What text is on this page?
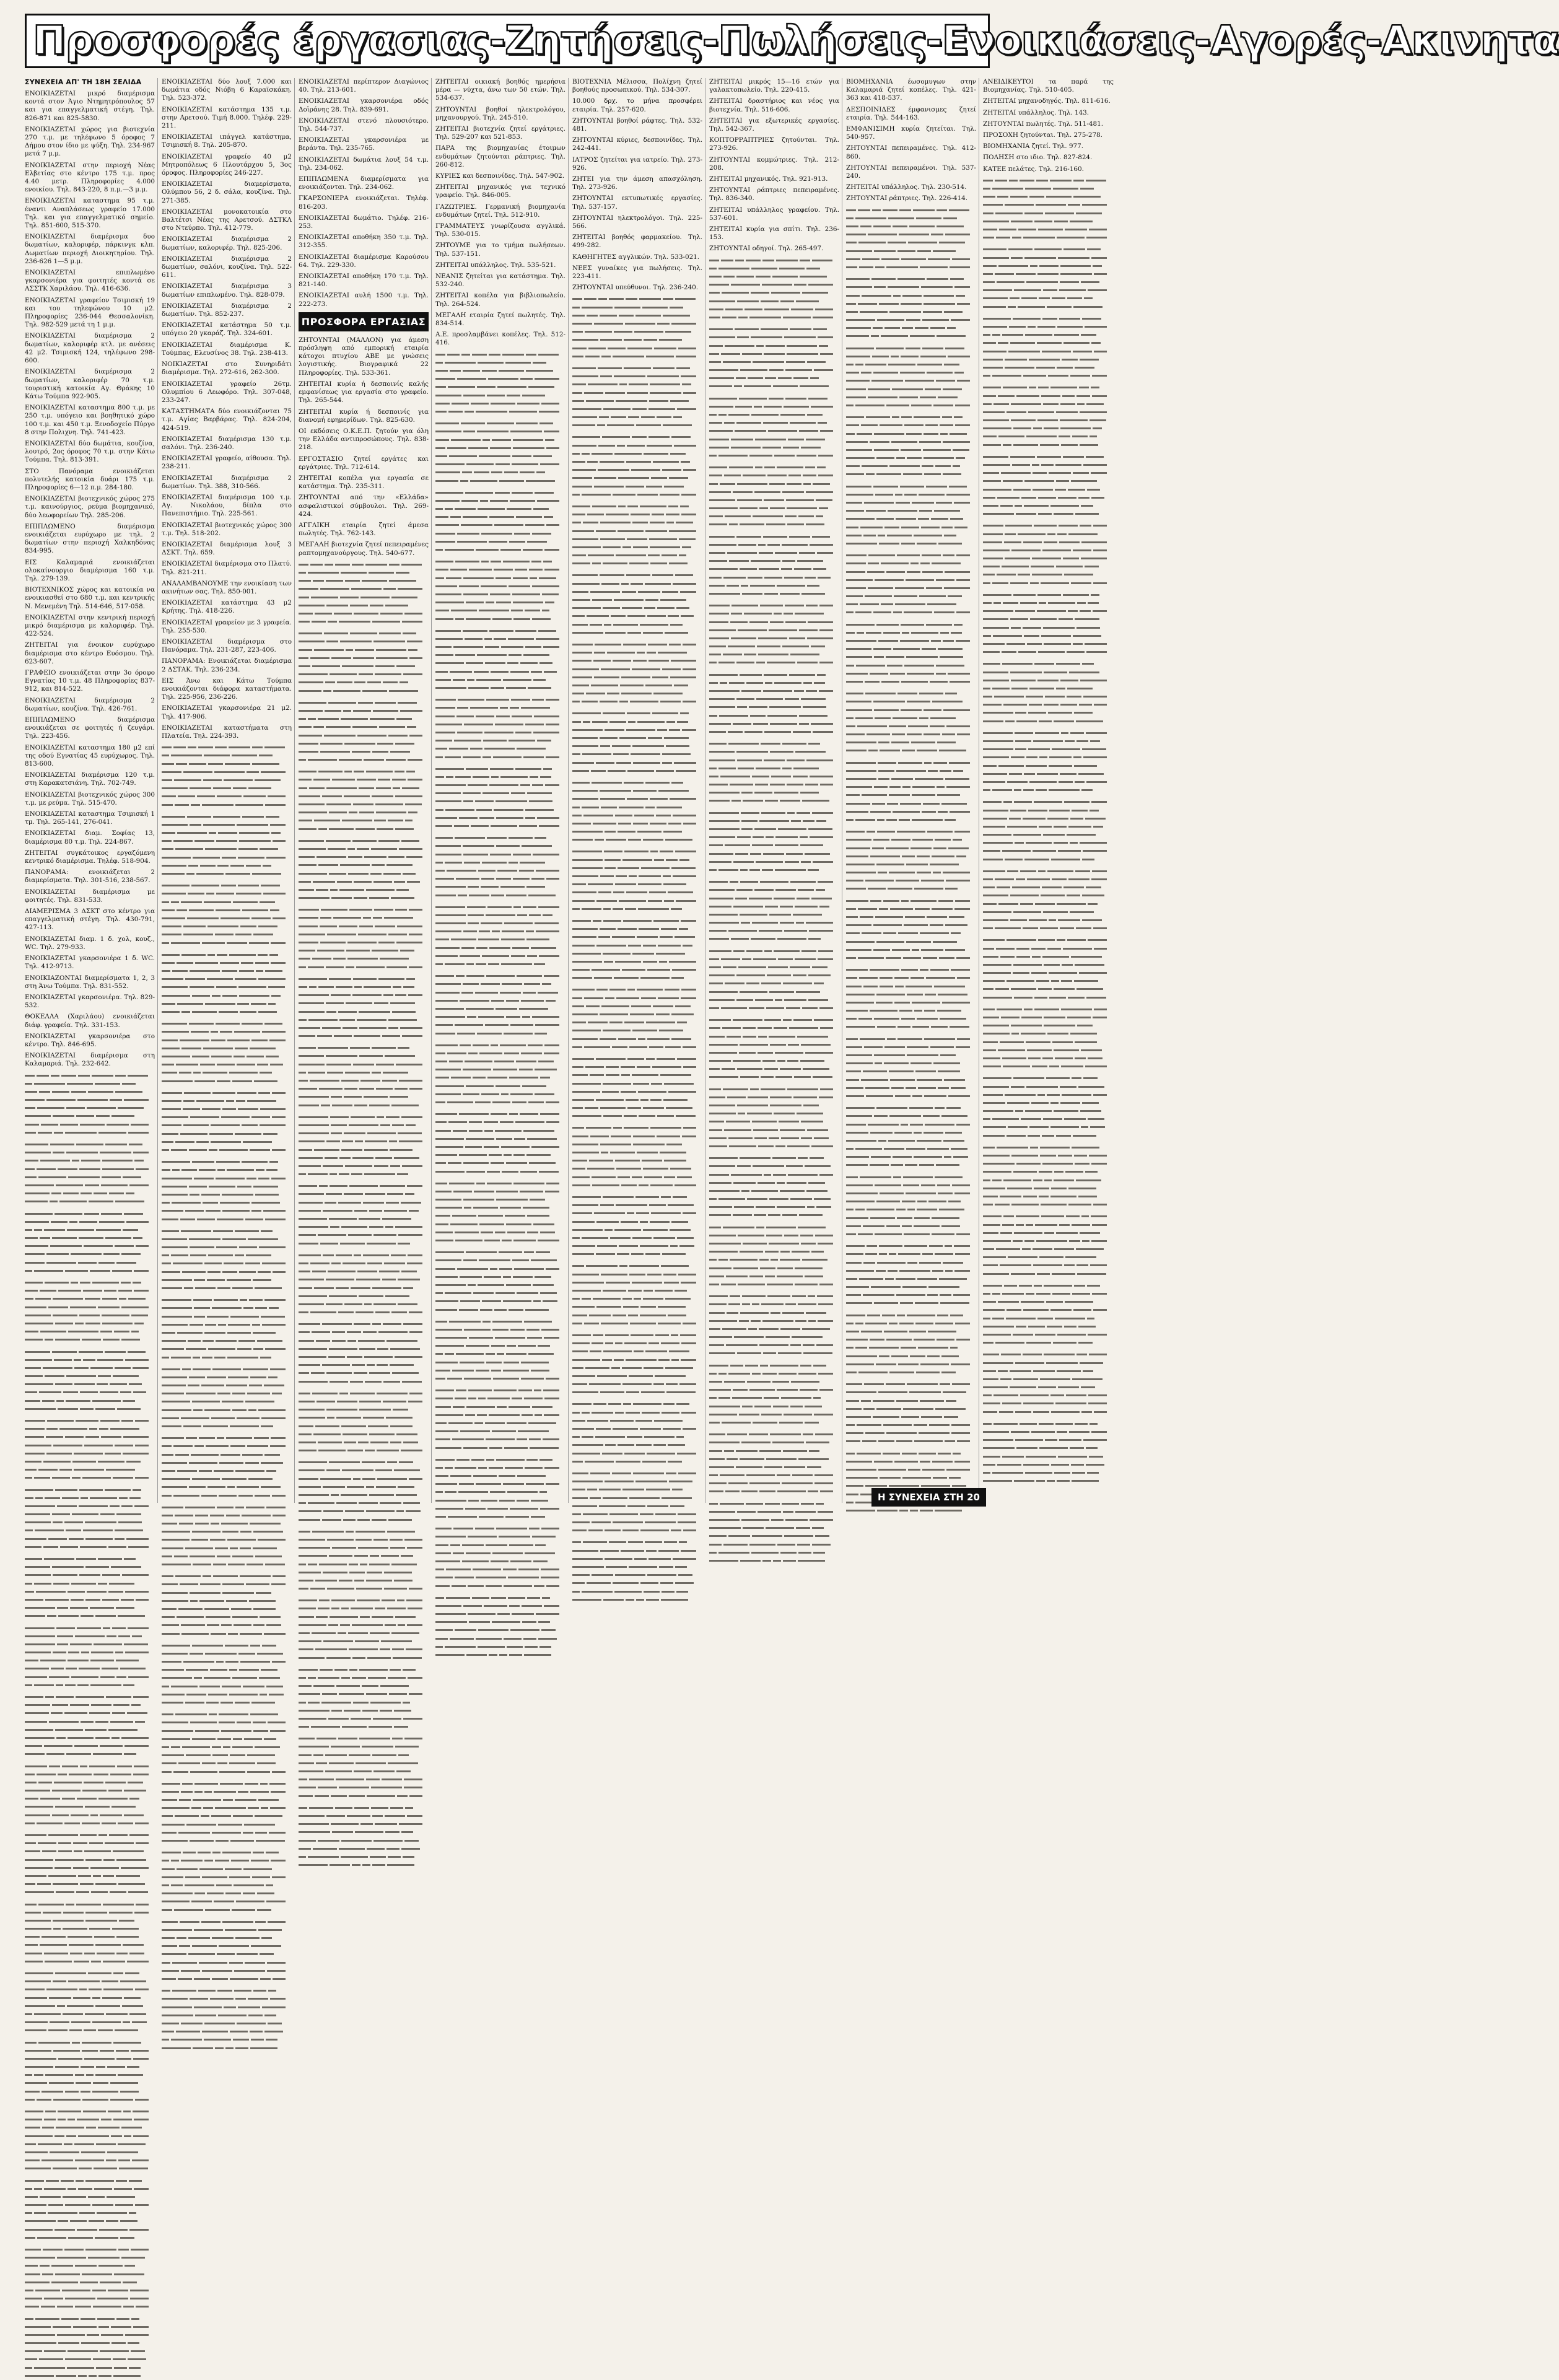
Προσφορές έργασιας-Ζητήσεις-Πωλήσεις-Ενοικιάσεις-Αγορές-Ακινητα
ΣΥΝΕΧΕΙΑ ΑΠ' ΤΗ 18Η ΣΕΛΙΔΑ

ΕΝΟΙΚΙΑΖΕΤΑΙ μικρό διαμέρισμα κοντά στον Άγιο Ντημητρόπουλος 57 και για επαγγελματική στέγη. Τηλ. 826-871 και 825-5830.

ΕΝΟΙΚΙΑΖΕΤΑΙ χώρος για βιοτεχνία 270 τ.μ. με τηλέφωνο 5 όροφος 7 Δήμου στον ίδιο με ψύξη. Τηλ. 234-967 μετά 7 μ.μ.

ΕΝΟΙΚΙΑΖΕΤΑΙ στην περιοχή Νέας Ελβετίας στο κέντρο 175 τ.μ. προς 4.40 μετρ. Πληροφορίες 4.000 ενοικίου. Τηλ. 843-220, 8 π.μ.—3 μ.μ.

ΕΝΟΙΚΙΑΖΕΤΑΙ καταστημα 95 τ.μ. έναντι Αναπλάσεως γραφείο 17.000 Τηλ. και για επαγγελματικό σημείο. Τηλ. 851-600, 515-370.

ΕΝΟΙΚΙΑΖΕΤΑΙ διαμέρισμα δυο δωματίων, καλοριφέρ, πάρκινγκ κλπ. Δωματίων περιοχή Διοικητηρίου. Τηλ. 236-626 1—5 μ.μ.

ΕΝΟΙΚΙΑΖΕΤΑΙ επιπλωμένο γκαρσονιέρα για φοιτητές κοντά σε ΑΣΣΤΚ Χαριλάου. Τηλ. 416-636.

ΕΝΟΙΚΙΑΖΕΤΑΙ γραφείον Τσιμισκή 19 και του τηλεφώνου 10 μ2. Πληροφορίες 236-044 Θεσσαλονίκη. Τηλ. 982-529 μετά τη 1 μ.μ.

ΕΝΟΙΚΙΑΖΕΤΑΙ διαμέρισμα 2 δωματίων, καλοριφέρ κτλ. με ανέσεις 42 μ2. Τσιμισκή 124, τηλέφωνο 298-600.

ΕΝΟΙΚΙΑΖΕΤΑΙ διαμέρισμα 2 δωματίων, καλοριφέρ 70 τ.μ. τουριστική κατοικία Αγ. Θράκης 10 Κάτω Τούμπα 922-905.

ΕΝΟΙΚΙΑΖΕΤΑΙ καταστημα 800 τ.μ. με 250 τ.μ. υπόγειο και βοηθητικό χώρο 100 τ.μ. και 450 τ.μ. Ξενοδοχείο Πύργο 8 στην Πολιχνη. Τηλ. 741-423.

ΕΝΟΙΚΙΑΖΕΤΑΙ δύο δωμάτια, κουζίνα, λουτρό, 2ος όροφος 70 τ.μ. στην Κάτω Τούμπα. Τηλ. 813-391.

ΣΤΟ Πανόραμα ενοικιάζεται πολυτελής κατοικία δυάρι 175 τ.μ. Πληροφορίες 6—12 π.μ. 284-180.

ΕΝΟΙΚΙΑΖΕΤΑΙ βιοτεχνικός χώρος 275 τ.μ. καινούργιος, ρεύμα βιομηχανικό, δύο λεωφορείων Τηλ. 285-206.

ΕΠΙΠΛΩΜΕΝΟ διαμέρισμα ενοικιάζεται ευρύχωρο με τηλ. 2 δωματίων στην περιοχή Χαλκηδόνας 834-995.

ΕΙΣ Καλαμαριά ενοικιάζεται ολοκαίνουργιο διαμέρισμα 160 τ.μ. Τηλ. 279-139.

ΒΙΟΤΕΧΝΙΚΟΣ χώρος και κατοικία να ενοικιασθεί στο 680 τ.μ. και κεντρικής Ν. Μενεμένη Τηλ. 514-646, 517-058.

ΕΝΟΙΚΙΑΖΕΤΑΙ στην κεντρική περιοχή μικρό διαμέρισμα με καλοριφέρ. Τηλ. 422-524.

ΖΗΤΕΙΤΑΙ για ένοικον ευρύχωρο διαμέρισμα στο κέντρο Ευόσμου. Τηλ. 623-607.

ΓΡΑΦΕΙΟ ενοικιάζεται στην 3ο όροφο Εγνατίας 10 τ.μ. 48 Πληροφορίες 837-912, και 814-522.

ΕΝΟΙΚΙΑΖΕΤΑΙ διαμέρισμα 2 δωματίων, κουζίνα. Τηλ. 426-761.

ΕΠΙΠΛΩΜΕΝΟ διαμέρισμα ενοικιάζεται σε φοιτητές ή ζευγάρι. Τηλ. 223-456.

ΕΝΟΙΚΙΑΖΕΤΑΙ καταστημα 180 μ2 επί της οδού Εγνατίας 45 ευρύχωρος. Τηλ. 813-600.

ΕΝΟΙΚΙΑΖΕΤΑΙ διαμέρισμα 120 τ.μ. στη Καρακατσιάνη. Τηλ. 702-749.

ΕΝΟΙΚΙΑΖΕΤΑΙ βιοτεχνικός χώρος 300 τ.μ. με ρεύμα. Τηλ. 515-470.

ΕΝΟΙΚΙΑΖΕΤΑΙ καταστημα Τσιμισκή 1 τμ. Τηλ. 265-141, 276-041.

ΕΝΟΙΚΙΑΖΕΤΑΙ διαμ. Σοφίας 13, διαμέρισμα 80 τ.μ. Τηλ. 224-867.

ΖΗΤΕΙΤΑΙ συγκάτοικος εργαζόμενη κεντρικό διαμέρισμα. Τηλέφ. 518-904.

ΠΑΝΟΡΑΜΑ: ενοικιάζεται 2 διαμερίσματα. Τηλ. 301-516, 238-567.

ΕΝΟΙΚΙΑΖΕΤΑΙ διαμέρισμα με φοιτητές. Τηλ. 831-533.

ΔΙΑΜΕΡΙΣΜΑ 3 ΔΣΚΤ στο κέντρο για επαγγελματική στέγη. Τηλ. 430-791, 427-113.

ΕΝΟΙΚΙΑΖΕΤΑΙ διαμ. 1 δ. χολ, κουζ., WC. Τηλ. 279-933.

ΕΝΟΙΚΙΑΖΕΤΑΙ γκαρσονιέρα 1 δ. WC. Τηλ. 412-9713.

ΕΝΟΙΚΙΑΖΟΝΤΑΙ διαμερίσματα 1, 2, 3 στη Άνω Τούμπα. Τηλ. 831-552.

ΕΝΟΙΚΙΑΖΕΤΑΙ γκαρσονιέρα. Τηλ. 829-532.

ΘΟΚΕΛΛΑ (Χαριλάου) ενοικιάζεται διάφ. γραφεία. Τηλ. 331-153.

ΕΝΟΙΚΙΑΖΕΤΑΙ γκαρσονιέρα στο κέντρο. Τηλ. 846-695.

ΕΝΟΙΚΙΑΖΕΤΑΙ διαμέρισμα στη Καλαμαριά. Τηλ. 232-642.

ΕΝΟΙΚΙΑΖΕΤΑΙ δύο λουξ 7.000 και δωμάτια οδός Νιόβη 6 Καραϊσκάκη. Τηλ. 523-372.

ΕΝΟΙΚΙΑΖΕΤΑΙ κατάστημα 135 τ.μ. στην Αρετσού. Τιμή 8.000. Τηλέφ. 229-211.

ΕΝΟΙΚΙΑΖΕΤΑΙ ιπάγγελ κατάστημα, Τσιμισκή 8. Τηλ. 205-870.

ΕΝΟΙΚΙΑΖΕΤΑΙ γραφείο 40 μ2 Μητροπόλεως 6 Πλουτάρχου 5, 3ος όροφος. Πληροφορίες 246-227.

ΕΝΟΙΚΙΑΖΕΤΑΙ διαμερίσματα, Ολύμπου 56, 2 δ. σάλα, κουζίνα. Τηλ. 271-385.

ΕΝΟΙΚΙΑΖΕΤΑΙ μονοκατοικία στο Βαλτέτσι Νέας της Αρετσού. ΔΣΤΚΛ στο Ντεύρπο. Τηλ. 412-779.

ΕΝΟΙΚΙΑΖΕΤΑΙ διαμέρισμα 2 δωματίων, καλοριφέρ. Τηλ. 825-206.

ΕΝΟΙΚΙΑΖΕΤΑΙ διαμέρισμα 2 δωματίων, σαλόνι, κουζίνα. Τηλ. 522-611.

ΕΝΟΙΚΙΑΖΕΤΑΙ διαμέρισμα 3 δωματίων επιπλωμένο. Τηλ. 828-079.

ΕΝΟΙΚΙΑΖΕΤΑΙ διαμέρισμα 2 δωματίων. Τηλ. 852-237.

ΕΝΟΙΚΙΑΖΕΤΑΙ κατάστημα 50 τ.μ. υπόγειο 20 γκαράζ. Τηλ. 324-601.

ΕΝΟΙΚΙΑΖΕΤΑΙ διαμέρισμα Κ. Τούμπας, Ελευσίνος 38. Τηλ. 238-413.

ΝΟΙΚΙΑΖΕΤΑΙ στο Συνηριδάτι διαμέρισμα. Τηλ. 272-616, 262-300.

ΕΝΟΙΚΙΑΖΕΤΑΙ γραφείο 26τμ. Ολυμπίου 6 Λεωφόρο. Τηλ. 307-048, 233-247.

ΚΑΤΑΣΤΗΜΑΤΑ δύο ενοικιάζονται 75 τ.μ. Αγίας Βαρβάρας. Τηλ. 824-204, 424-519.

ΕΝΟΙΚΙΑΖΕΤΑΙ διαμέρισμα 130 τ.μ. σαλόνι. Τηλ. 236-240.

ΕΝΟΙΚΙΑΖΕΤΑΙ γραφείο, αίθουσα. Τηλ. 238-211.

ΕΝΟΙΚΙΑΖΕΤΑΙ διαμέρισμα 2 δωματίων. Τηλ. 388, 310-566.

ΕΝΟΙΚΙΑΖΕΤΑΙ διαμέρισμα 100 τ.μ. Αγ. Νικολάου, δίπλα στο Πανεπιστήμιο. Τηλ. 225-561.

ΕΝΟΙΚΙΑΖΕΤΑΙ βιοτεχνικός χώρος 300 τ.μ. Τηλ. 518-202.

ΕΝΟΙΚΙΑΖΕΤΑΙ διαμέρισμα λουξ 3 ΔΣΚΤ. Τηλ. 659.

ΕΝΟΙΚΙΑΖΕΤΑΙ διαμέρισμα στο Πλατύ. Τηλ. 821-211.

ΑΝΑΛΑΜΒΑΝΟΥΜΕ την ενοικίαση των ακινήτων σας. Τηλ. 850-001.

ΕΝΟΙΚΙΑΖΕΤΑΙ κατάστημα 43 μ2 Κρήτης. Τηλ. 418-226.

ΕΝΟΙΚΙΑΖΕΤΑΙ γραφείον με 3 γραφεία. Τηλ. 255-530.

ΕΝΟΙΚΙΑΖΕΤΑΙ διαμέρισμα στο Πανόραμα. Τηλ. 231-287, 223-406.

ΠΑΝΟΡΑΜΑ: Ενοικιάζεται διαμέρισμα 2 ΔΣΤΑΚ. Τηλ. 236-234.

ΕΙΣ Άνω και Κάτω Τούμπα ενοικιάζονται διάφορα καταστήματα. Τηλ. 225-956, 236-226.

ΕΝΟΙΚΙΑΖΕΤΑΙ γκαρσονιέρα 21 μ2. Τηλ. 417-906.

ΕΝΟΙΚΙΑΖΕΤΑΙ καταστήματα στη Πλατεία. Τηλ. 224-393.

ΕΝΟΙΚΙΑΖΕΤΑΙ περίπτερον Διαγώνιος 40. Τηλ. 213-601.

ΕΝΟΙΚΙΑΖΕΤΑΙ γκαρσονιέρα οδός Δοϊράνης 28. Τηλ. 839-691.

ΕΝΟΙΚΙΑΖΕΤΑΙ στενό πλουσιότερο. Τηλ. 544-737.

ΕΝΟΙΚΙΑΖΕΤΑΙ γκαρσονιέρα με βεράντα. Τηλ. 235-765.

ΕΝΟΙΚΙΑΖΕΤΑΙ δωμάτια λουξ 54 τ.μ. Τηλ. 234-062.

ΕΠΙΠΛΩΜΕΝΑ διαμερίσματα για ενοικιάζονται. Τηλ. 234-062.

ΓΚΑΡΣΟΝΙΕΡΑ ενοικιάζεται. Τηλέφ. 816-203.

ΕΝΟΙΚΙΑΖΕΤΑΙ δωμάτιο. Τηλέφ. 216-253.

ΕΝΟΙΚΙΑΖΕΤΑΙ αποθήκη 350 τ.μ. Τηλ. 312-355.

ΕΝΟΙΚΙΑΖΕΤΑΙ διαμέρισμα Καρούσου 64. Τηλ. 229-330.

ΕΝΟΙΚΙΑΖΕΤΑΙ αποθήκη 170 τ.μ. Τηλ. 821-140.

ΕΝΟΙΚΙΑΖΕΤΑΙ αυλή 1500 τ.μ. Τηλ. 222-273.

ΠΡΟΣΦΟΡΑ ΕΡΓΑΣΙΑΣ

ΖΗΤΟΥΝΤΑΙ (ΜΑΛΛΟΝ) για άμεση πρόσληψη από εμπορική εταιρία κάτοχοι πτυχίου ΑΒΕ με γνώσεις λογιστικής. Βιογραφικά 22 Πληροφορίες. Τηλ. 533-361.

ΖΗΤΕΙΤΑΙ κυρία ή δεσποινίς καλής εμφανίσεως για εργασία στο γραφείο. Τηλ. 265-544.

ΖΗΤΕΙΤΑΙ κυρία ή δεσποινίς για διανομή εφημερίδων. Τηλ. 825-630.

ΟΙ εκδόσεις Ο.Κ.Ε.Π. ζητούν για όλη την Ελλάδα αντιπροσώπους. Τηλ. 838-218.

ΕΡΓΟΣΤΑΣΙΟ ζητεί εργάτες και εργάτριες. Τηλ. 712-614.

ΖΗΤΕΙΤΑΙ κοπέλα για εργασία σε κατάστημα. Τηλ. 235-311.

ΖΗΤΟΥΝΤΑΙ από την «Ελλάδα» ασφαλιστικοί σύμβουλοι. Τηλ. 269-424.

ΑΓΓΛΙΚΗ εταιρία ζητεί άμεσα πωλητές. Τηλ. 762-143.

ΜΕΓΑΛΗ βιοτεχνία ζητεί πεπειραμένες ραπτομηχανούργους. Τηλ. 540-677.

ΖΗΤΕΙΤΑΙ οικιακή βοηθός ημερήσια μέρα — νύχτα, άνω των 50 ετών. Τηλ. 534-637.

ΖΗΤΟΥΝΤΑΙ βοηθοί ηλεκτρολόγου, μηχανουργού. Τηλ. 245-510.

ΖΗΤΕΙΤΑΙ βιοτεχνία ζητεί εργάτριες. Τηλ. 529-207 και 521-853.

ΠΑΡΑ της βιομηχανίας έτοιμων ενδυμάτων ζητούνται ράπτριες. Τηλ. 260-812.

ΚΥΡΙΕΣ και δεσποινίδες. Τηλ. 547-902.

ΖΗΤΕΙΤΑΙ μηχανικός για τεχνικό γραφείο. Τηλ. 846-005.

ΓΑΖΩΤΡΙΕΣ. Γερμανική βιομηχανία ενδυμάτων ζητεί. Τηλ. 512-910.

ΓΡΑΜΜΑΤΕΥΣ γνωρίζουσα αγγλικά. Τηλ. 530-015.

ΖΗΤΟΥΜΕ για το τμήμα πωλήσεων. Τηλ. 537-151.

ΖΗΤΕΙΤΑΙ υπάλληλος. Τηλ. 535-521.

ΝΕΑΝΙΣ ζητείται για κατάστημα. Τηλ. 532-240.

ΖΗΤΕΙΤΑΙ κοπέλα για βιβλιοπωλείο. Τηλ. 264-524.

ΜΕΓΑΛΗ εταιρία ζητεί πωλητές. Τηλ. 834-514.

Α.Ε. προσλαμβάνει κοπέλες. Τηλ. 512-416.

ΒΙΟΤΕΧΝΙΑ Μέλισσα, Πολίχνη ζητεί βοηθούς προσωπικού. Τηλ. 534-307.

10.000 δρχ. το μήνα προσφέρει εταιρία. Τηλ. 257-620.

ΖΗΤΟΥΝΤΑΙ βοηθοί ράφτες. Τηλ. 532-481.

ΖΗΤΟΥΝΤΑΙ κύριες, δεσποινίδες. Τηλ. 242-441.

ΙΑΤΡΟΣ ζητείται για ιατρείο. Τηλ. 273-926.

ΖΗΤΕΙ για την άμεση απασχόληση. Τηλ. 273-926.

ΖΗΤΟΥΝΤΑΙ εκτυπωτικές εργασίες. Τηλ. 537-157.

ΖΗΤΟΥΝΤΑΙ ηλεκτρολόγοι. Τηλ. 225-566.

ΖΗΤΕΙΤΑΙ βοηθός φαρμακείου. Τηλ. 499-282.

ΚΑΘΗΓΗΤΕΣ αγγλικών. Τηλ. 533-021.

ΝΕΕΣ γυναίκες για πωλήσεις. Τηλ. 223-411.

ΖΗΤΟΥΝΤΑΙ υπεύθυνοι. Τηλ. 236-240.

ΖΗΤΕΙΤΑΙ μικρός 15—16 ετών για γαλακτοπωλείο. Τηλ. 220-415.

ΖΗΤΕΙΤΑΙ δραστήριος και νέος για βιοτεχνία. Τηλ. 516-606.

ΖΗΤΕΙΤΑΙ για εξωτερικές εργασίες. Τηλ. 542-367.

ΚΟΠΤΟΡΡΑΠΤΡΙΕΣ ζητούνται. Τηλ. 273-926.

ΖΗΤΟΥΝΤΑΙ κομμώτριες. Τηλ. 212-208.

ΖΗΤΕΙΤΑΙ μηχανικός. Τηλ. 921-913.

ΖΗΤΟΥΝΤΑΙ ράπτριες πεπειραμένες. Τηλ. 836-340.

ΖΗΤΕΙΤΑΙ υπάλληλος γραφείου. Τηλ. 537-601.

ΖΗΤΕΙΤΑΙ κυρία για σπίτι. Τηλ. 236-153.

ΖΗΤΟΥΝΤΑΙ οδηγοί. Τηλ. 265-497.

ΒΙΟΜΗΧΑΝΙΑ έωσομυγων στην Καλαμαριά ζητεί κοπέλες. Τηλ. 421-363 και 418-537.

ΔΕΣΠΟΙΝΙΔΕΣ έμφανισμες ζητεί εταιρία. Τηλ. 544-163.

ΕΜΦΑΝΙΣΙΜΗ κυρία ζητείται. Τηλ. 540-957.

ΖΗΤΟΥΝΤΑΙ πεπειραμένες. Τηλ. 412-860.

ΖΗΤΟΥΝΤΑΙ πεπειραμένοι. Τηλ. 537-240.

ΖΗΤΕΙΤΑΙ υπάλληλος. Τηλ. 230-514.

ΖΗΤΟΥΝΤΑΙ ράπτριες. Τηλ. 226-414.

ΑΝΕΙΔΙΚΕΥΤΟΙ τα παρά της Βιομηχανίας. Τηλ. 510-405.

ΖΗΤΕΙΤΑΙ μηχανοδηγός. Τηλ. 811-616.

ΖΗΤΕΙΤΑΙ υπάλληλος. Τηλ. 143.

ΖΗΤΟΥΝΤΑΙ πωλητές. Τηλ. 511-481.

ΠΡΟΣΟΧΗ ζητούνται. Τηλ. 275-278.

ΒΙΟΜΗΧΑΝΙΑ ζητεί. Τηλ. 977.

ΠΟΛΗΣΗ στο ιδιο. Τηλ. 827-824.

ΚΑΤΕΕ πελάτες. Τηλ. 216-160.

Η ΣΥΝΕΧΕΙΑ ΣΤΗ 20
